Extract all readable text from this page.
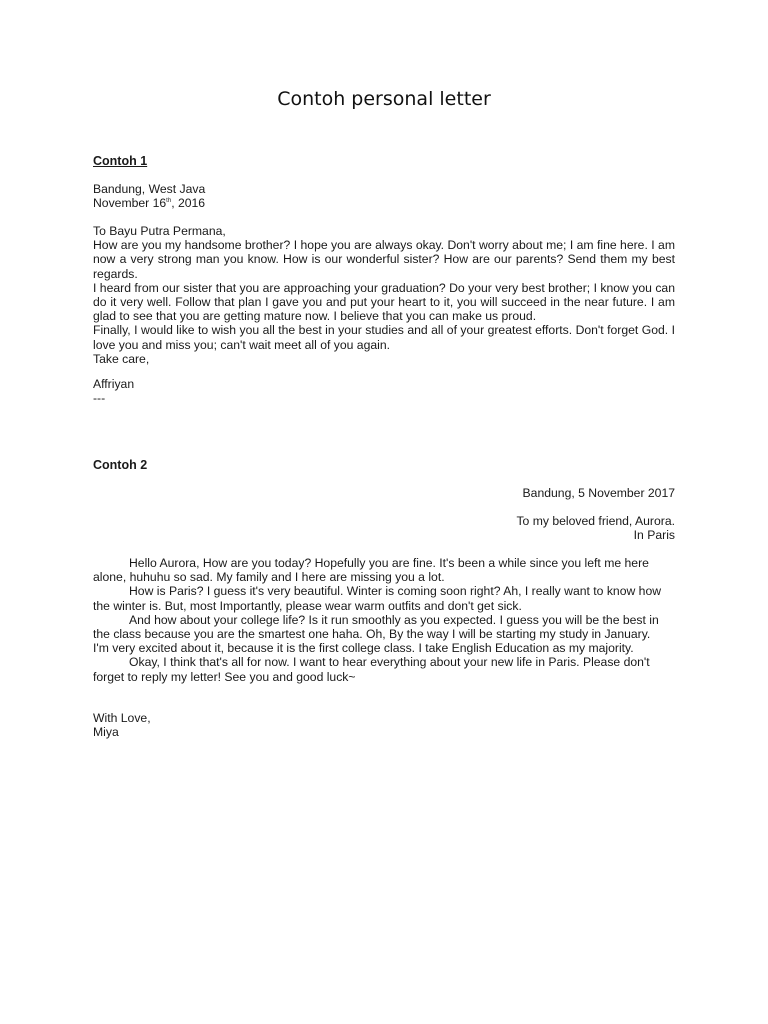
Contoh personal letter
Contoh 1
Bandung, West Java
November 16th, 2016
To Bayu Putra Permana,
How are you my handsome brother? I hope you are always okay. Don't worry about me; I am fine here. I am now a very strong man you know. How is our wonderful sister? How are our parents? Send them my best regards.
I heard from our sister that you are approaching your graduation? Do your very best brother; I know you can do it very well. Follow that plan I gave you and put your heart to it, you will succeed in the near future. I am glad to see that you are getting mature now. I believe that you can make us proud.
Finally, I would like to wish you all the best in your studies and all of your greatest efforts. Don't forget God. I love you and miss you; can't wait meet all of you again.
Take care,
Affriyan
---
Contoh 2
Bandung, 5 November 2017
To my beloved friend, Aurora.
In Paris
Hello Aurora, How are you today? Hopefully you are fine. It's been a while since you left me here alone, huhuhu so sad. My family and I here are missing you a lot.
How is Paris? I guess it's very beautiful. Winter is coming soon right? Ah, I really want to know how the winter is. But, most Importantly, please wear warm outfits and don't get sick.
And how about your college life? Is it run smoothly as you expected. I guess you will be the best in the class because you are the smartest one haha. Oh, By the way I will be starting my study in January. I'm very excited about it, because it is the first college class. I take English Education as my majority.
Okay, I think that's all for now. I want to hear everything about your new life in Paris. Please don't forget to reply my letter! See you and good luck~
With Love,
Miya
